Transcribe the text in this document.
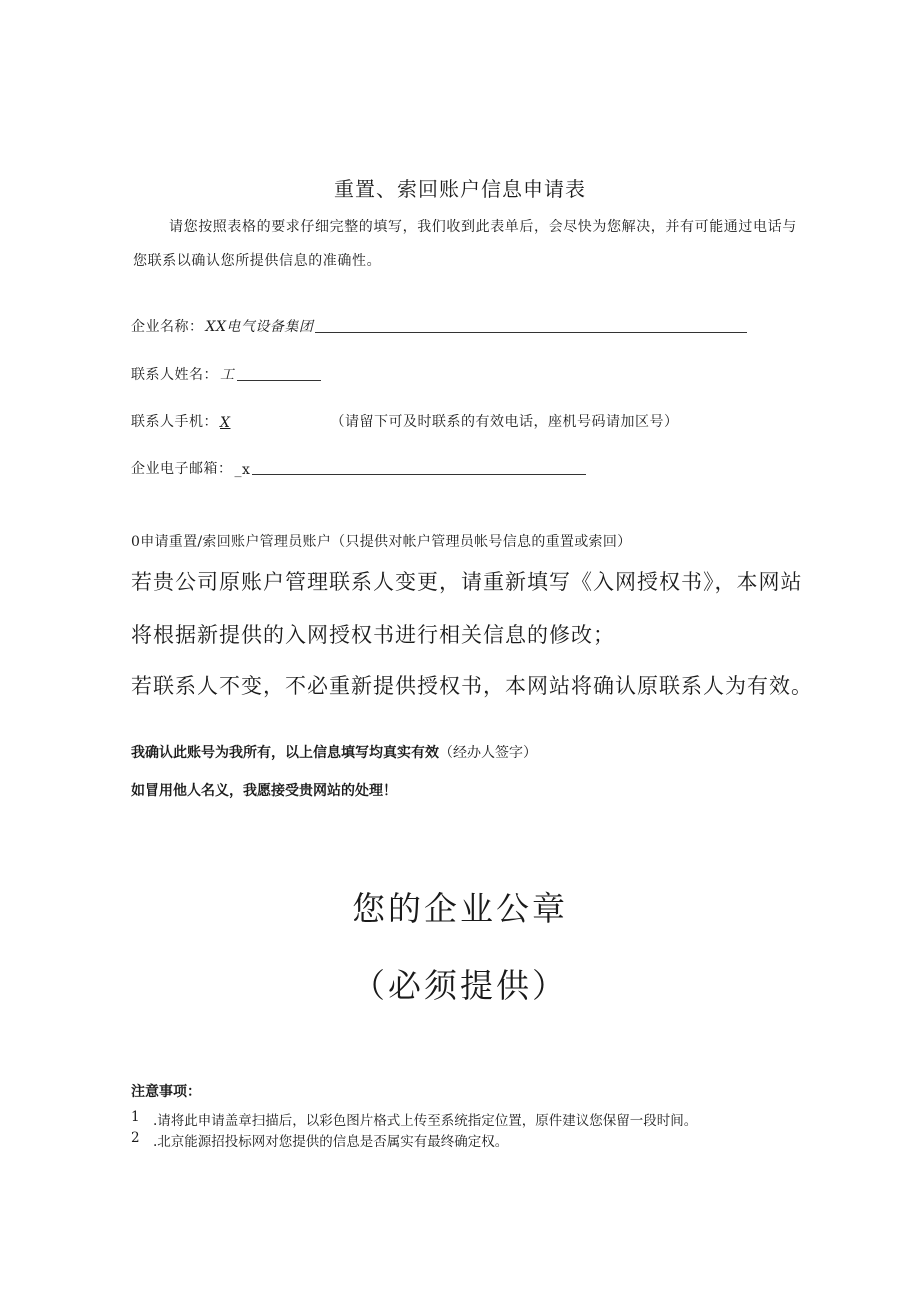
重置、索回账户信息申请表
请您按照表格的要求仔细完整的填写，我们收到此表单后，会尽快为您解决，并有可能通过电话与您联系以确认您所提供信息的准确性。
企业名称： XX电气设备集团
联系人姓名： 工
联系人手机： X	（请留下可及时联系的有效电话，座机号码请加区号）
企业电子邮箱： _x
0申请重置/索回账户管理员账户（只提供对帐户管理员帐号信息的重置或索回）
若贵公司原账户管理联系人变更，请重新填写《入网授权书》，本网站
将根据新提供的入网授权书进行相关信息的修改；
若联系人不变，不必重新提供授权书，本网站将确认原联系人为有效。
我确认此账号为我所有，以上信息填写均真实有效（经办人签字）
如冒用他人名义，我愿接受贵网站的处理！
您的企业公章
（必须提供）
注意事项：
1 .请将此申请盖章扫描后，以彩色图片格式上传至系统指定位置，原件建议您保留一段时间。
2 .北京能源招投标网对您提供的信息是否属实有最终确定权。
